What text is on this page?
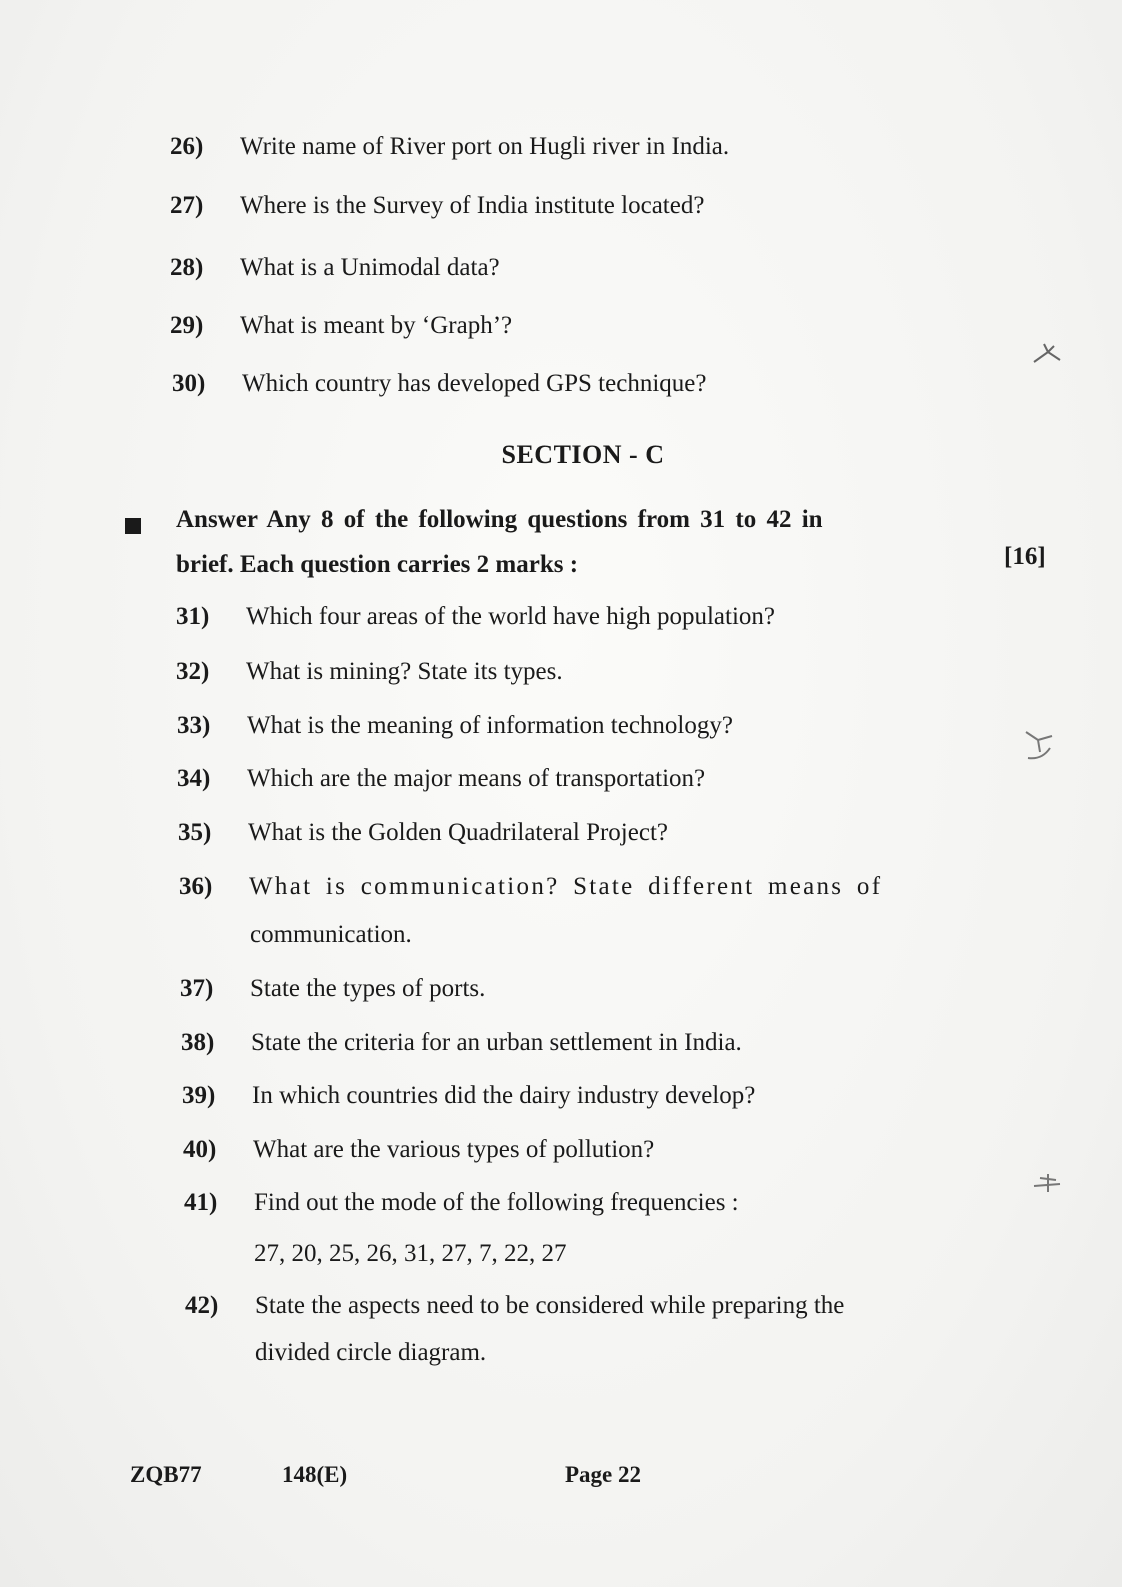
26)	Write name of River port on Hugli river in India.
27)	Where is the Survey of India institute located?
28)	What is a Unimodal data?
29)	What is meant by ‘Graph’?
30)	Which country has developed GPS technique?
SECTION - C
Answer Any 8 of the following questions from 31 to 42 in
brief. Each question carries 2 marks :	[16]
31)	Which four areas of the world have high population?
32)	What is mining? State its types.
33)	What is the meaning of information technology?
34)	Which are the major means of transportation?
35)	What is the Golden Quadrilateral Project?
36)	What is communication? State different means of
communication.
37)	State the types of ports.
38)	State the criteria for an urban settlement in India.
39)	In which countries did the dairy industry develop?
40)	What are the various types of pollution?
41)	Find out the mode of the following frequencies :
27, 20, 25, 26, 31, 27, 7, 22, 27
42)	State the aspects need to be considered while preparing the
divided circle diagram.
ZQB77	148(E)	Page 22
